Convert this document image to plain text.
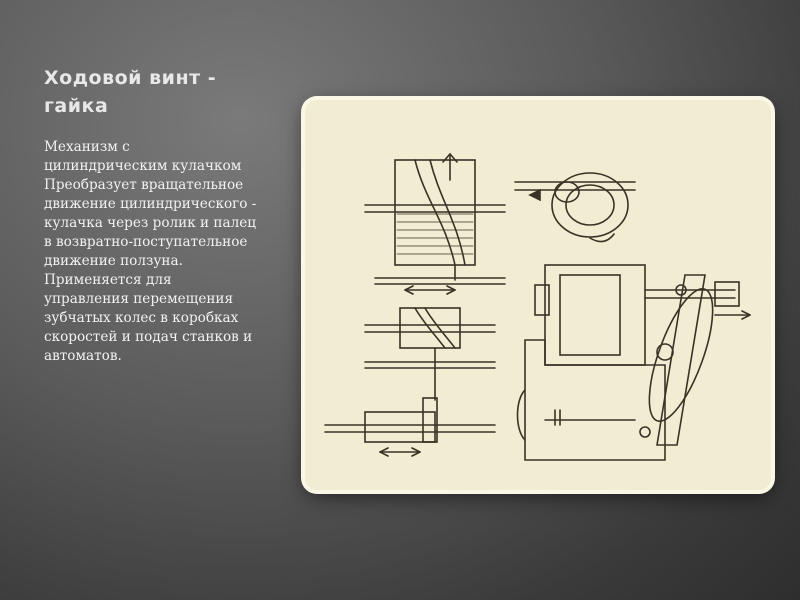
Ходовой винт -
гайка
Механизм с
цилиндрическим кулачком
Преобразует вращательное
движение цилиндрического -
кулачка через ролик и палец
в возвратно-поступательное
движение ползуна.
Применяется для
управления перемещения
зубчатых колес в коробках
скоростей и подач станков и
автоматов.
